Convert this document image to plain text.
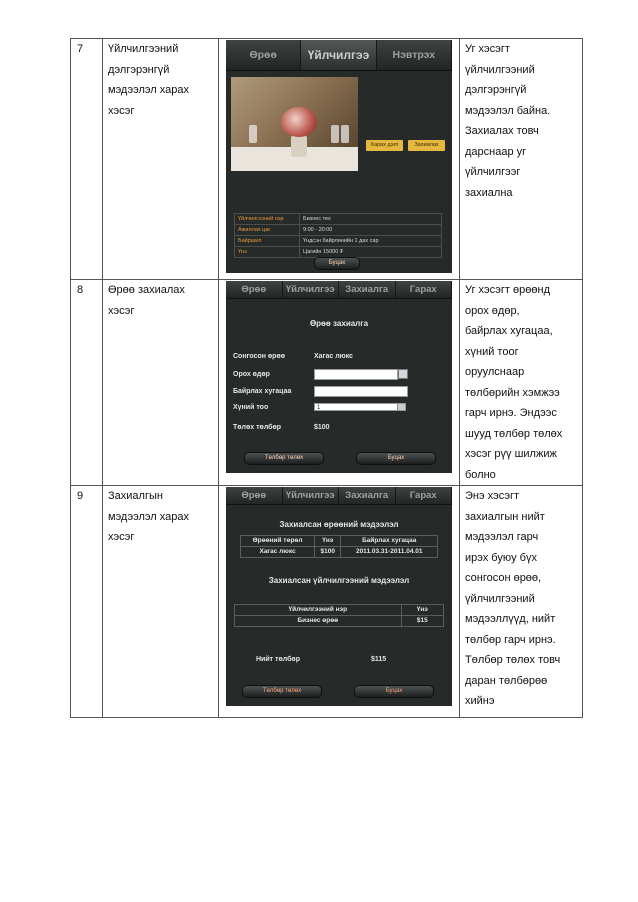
7	Үйлчилгээний
дэлгэрэнгүй
мэдээлэл харах
хэсэг

Өрөө	Үйлчилгээ	Нэвтрэх
Харах дэлг	Захиалах
Үйлчилгээний нэр	Бизнес тех
Ажиллах цаг	9:00 - 20:00
Байршил	Үндсэн байрлинийн 1 дах сар
Үнэ	Цагийн 15000 ₮
Буцах

Уг хэсэгт
үйлчилгээний
дэлгэрэнгүй
мэдээлэл байна.
Захиалах товч
дарснаар уг
үйлчилгээг
захиална

8	Өрөө захиалах
хэсэг

Өрөө	Үйлчилгээ	Захиалга	Гарах
Өрөө захиалга
Сонгосон өрөө	Хагас люкс
Орох өдөр
Байрлах хугацаа
Хүний тоо	1
Төлөх төлбөр	$100
Төлбөр төлөх	Буцах

Уг хэсэгт өрөөнд
орох өдөр,
байрлах хугацаа,
хүний тоог
оруулснаар
төлбөрийн хэмжээ
гарч ирнэ. Эндээс
шууд төлбөр төлөх
хэсэг рүү шилжиж
болно

9	Захиалгын
мэдээлэл харах
хэсэг

Өрөө	Үйлчилгээ	Захиалга	Гарах
Захиалсан өрөөний мэдээлэл
Өрөөний төрөл	Үнэ	Байрлах хугацаа
Хагас люкс	$100	2011.03.31-2011.04.01
Захиалсан үйлчилгээний мэдээлэл
Үйлчилгээний нэр	Үнэ
Бизнес өрөө	$15
Нийт төлбөр	$115
Төлбөр төлөх	Буцах

Энэ хэсэгт
захиалгын нийт
мэдээлэл гарч
ирэх буюу бүх
сонгосон өрөө,
үйлчилгээний
мэдээллүүд, нийт
төлбөр гарч ирнэ.
Төлбөр төлөх товч
даран төлбөрөө
хийнэ
